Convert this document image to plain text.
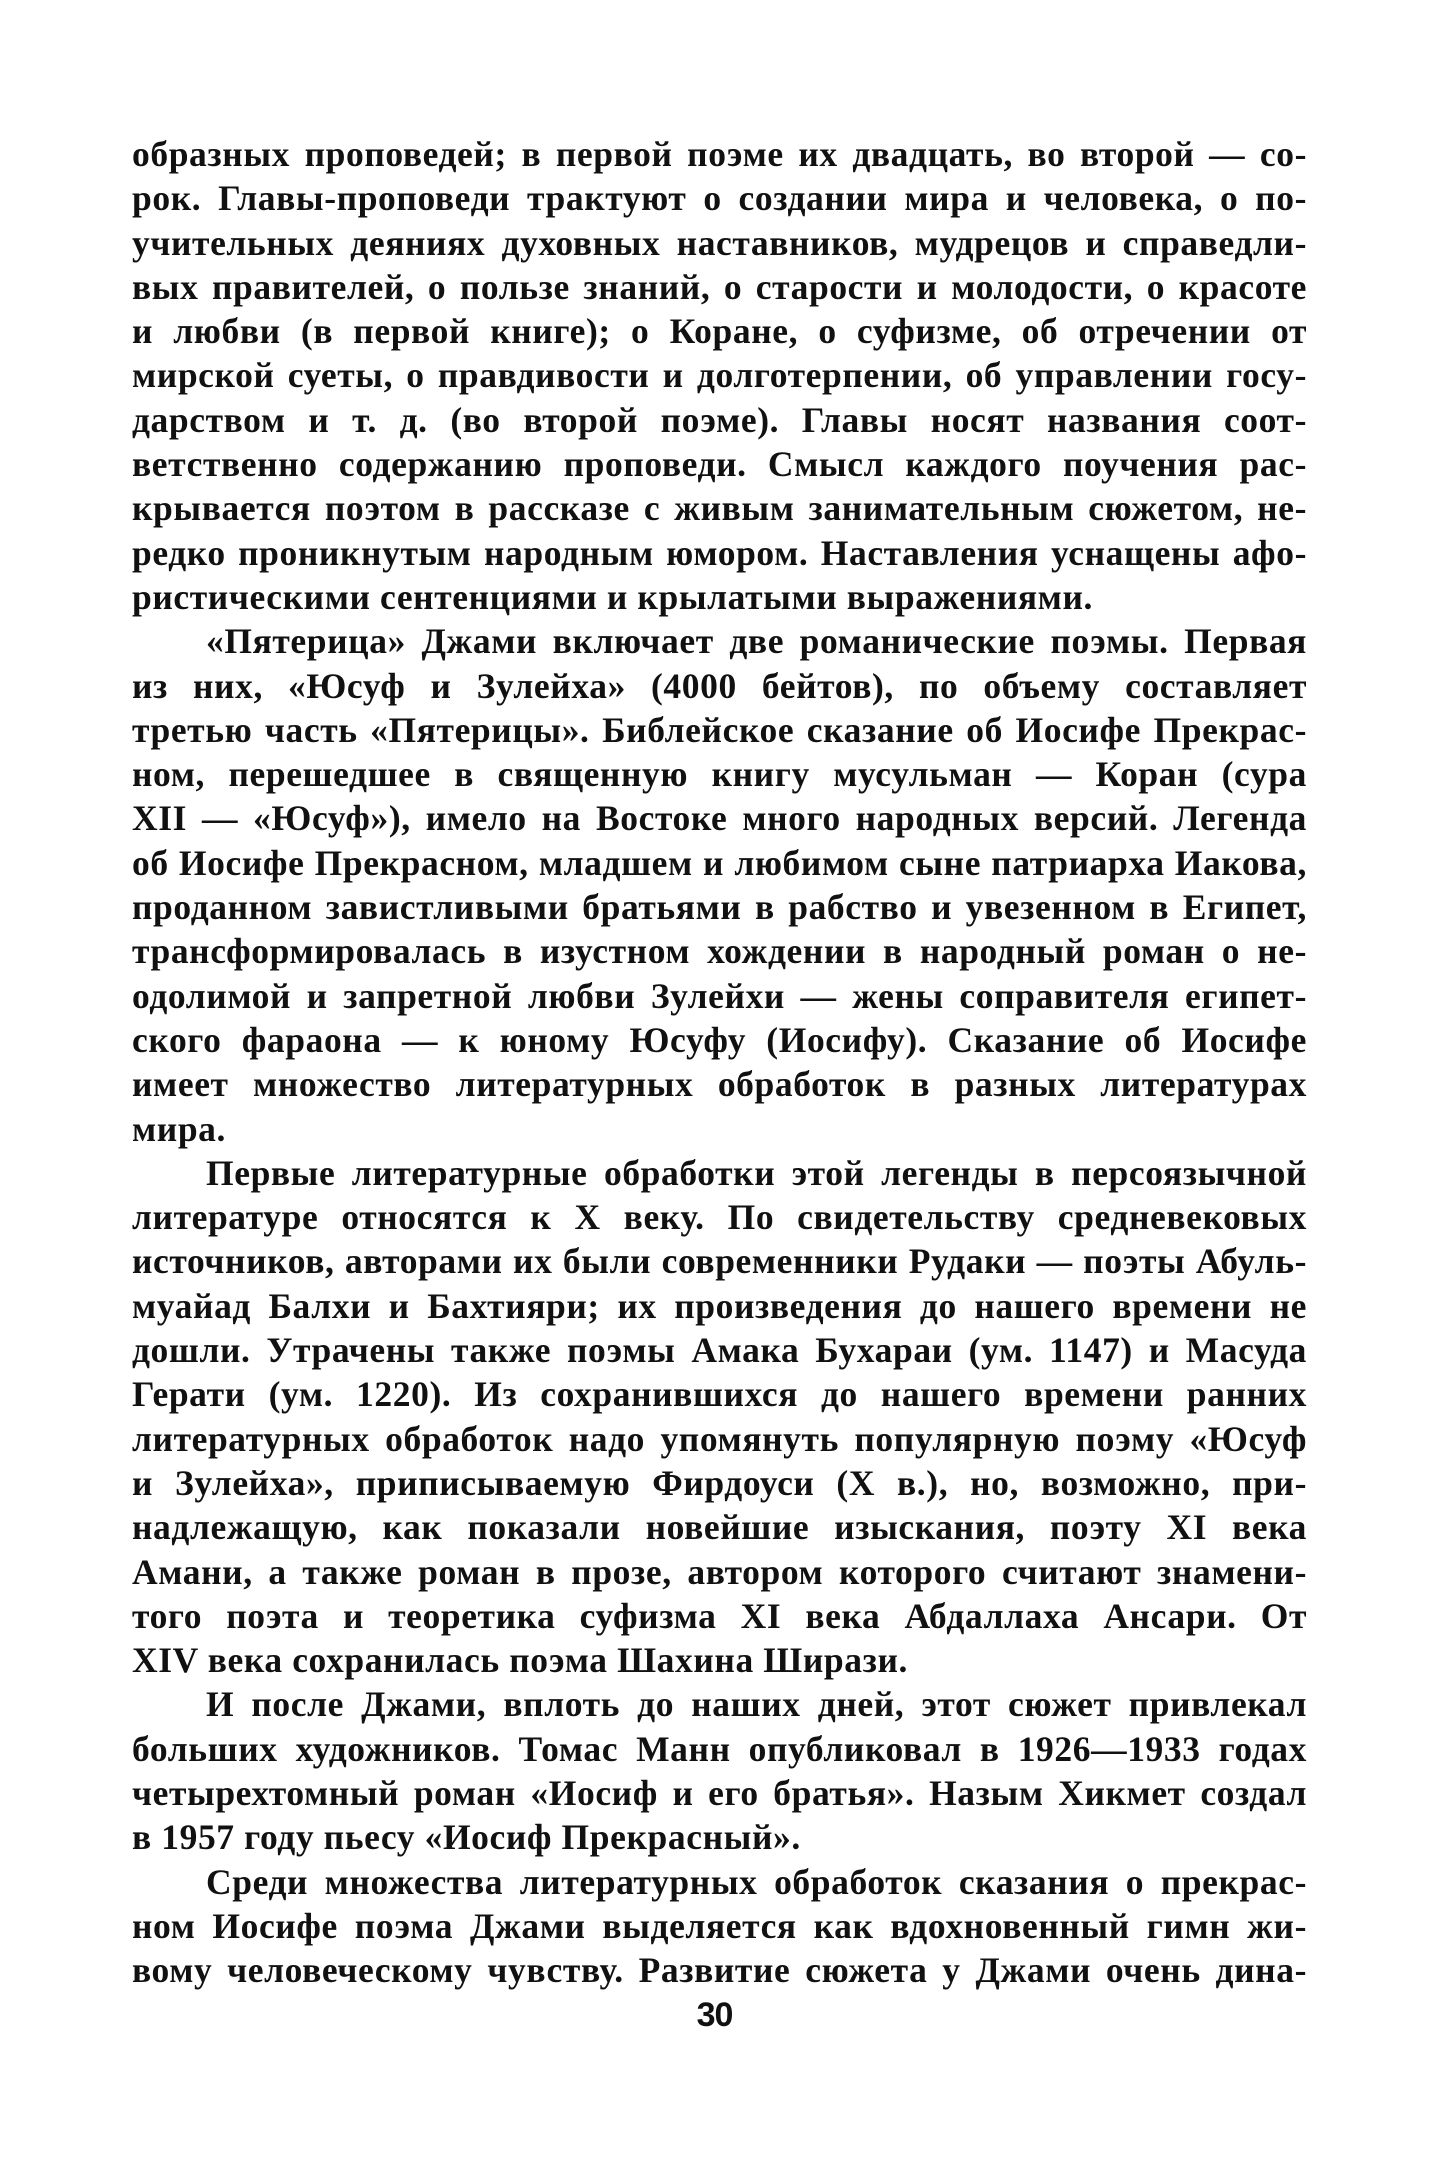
образных проповедей; в первой поэме их двадцать, во второй — со-
рок. Главы-проповеди трактуют о создании мира и человека, о по-
учительных деяниях духовных наставников, мудрецов и справедли-
вых правителей, о пользе знаний, о старости и молодости, о красоте
и любви (в первой книге); о Коране, о суфизме, об отречении от
мирской суеты, о правдивости и долготерпении, об управлении госу-
дарством и т. д. (во второй поэме). Главы носят названия соот-
ветственно содержанию проповеди. Смысл каждого поучения рас-
крывается поэтом в рассказе с живым занимательным сюжетом, не-
редко проникнутым народным юмором. Наставления уснащены афо-
ристическими сентенциями и крылатыми выражениями.
«Пятерица» Джами включает две романические поэмы. Первая
из них, «Юсуф и Зулейха» (4000 бейтов), по объему составляет
третью часть «Пятерицы». Библейское сказание об Иосифе Прекрас-
ном, перешедшее в священную книгу мусульман — Коран (сура
XII — «Юсуф»), имело на Востоке много народных версий. Легенда
об Иосифе Прекрасном, младшем и любимом сыне патриарха Иакова,
проданном завистливыми братьями в рабство и увезенном в Египет,
трансформировалась в изустном хождении в народный роман о не-
одолимой и запретной любви Зулейхи — жены соправителя египет-
ского фараона — к юному Юсуфу (Иосифу). Сказание об Иосифе
имеет множество литературных обработок в разных литературах
мира.
Первые литературные обработки этой легенды в персоязычной
литературе относятся к X веку. По свидетельству средневековых
источников, авторами их были современники Рудаки — поэты Абуль-
муайад Балхи и Бахтияри; их произведения до нашего времени не
дошли. Утрачены также поэмы Амака Бухараи (ум. 1147) и Масуда
Герати (ум. 1220). Из сохранившихся до нашего времени ранних
литературных обработок надо упомянуть популярную поэму «Юсуф
и Зулейха», приписываемую Фирдоуси (X в.), но, возможно, при-
надлежащую, как показали новейшие изыскания, поэту XI века
Амани, а также роман в прозе, автором которого считают знамени-
того поэта и теоретика суфизма XI века Абдаллаха Ансари. От
XIV века сохранилась поэма Шахина Ширази.
И после Джами, вплоть до наших дней, этот сюжет привлекал
больших художников. Томас Манн опубликовал в 1926—1933 годах
четырехтомный роман «Иосиф и его братья». Назым Хикмет создал
в 1957 году пьесу «Иосиф Прекрасный».
Среди множества литературных обработок сказания о прекрас-
ном Иосифе поэма Джами выделяется как вдохновенный гимн жи-
вому человеческому чувству. Развитие сюжета у Джами очень дина-
30
